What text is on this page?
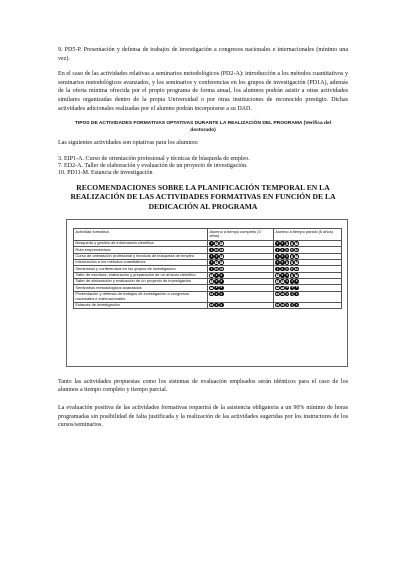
9. PD5-P. Presentación y defensa de trabajos de investigación a congresos nacionales e internacionales (mínimo una vez).

En el caso de las actividades relativas a seminarios metodológicos (PD2-A): introducción a los métodos cuantitativos y seminarios metodológicos avanzados, y los seminarios y conferencias en los grupos de investigación (PD1A), además de la oferta mínima ofrecida por el propio programa de forma anual, los alumnos podrán asistir a otras actividades similares organizadas dentro de la propia Universidad o por otras instituciones de reconocido prestigio. Dichas actividades adicionales realizadas por el alumno podrán incorporarse a su DAD.

TIPOS DE ACTIVIDADES FORMATIVAS OPTATIVAS DURANTE LA REALIZACIÓN DEL PROGRAMA (Verifica del doctorado)

Las siguientes actividades son optativas para los alumnos:

3. EIP1-A. Curso de orientación profesional y técnicas de búsqueda de empleo.
7. ED2-A. Taller de elaboración y evaluación de un proyecto de investigación.
10. PD11-M. Estancia de investigación
RECOMENDACIONES SOBRE LA PLANIFICACIÓN TEMPORAL EN LA REALIZACIÓN DE LAS ACTIVIDADES FORMATIVAS EN FUNCIÓN DE LA DEDICACIÓN AL PROGRAMA
Actividad formativa	Alumno a tiempo completo (3 años)	Alumno a tiempo parcial (5 años)
Búsqueda y gestión de información científica	1 2 3	1 2 3 4 5

Ruta emprendedora	1 2 3	1 2 3 4 5

Curso de orientación profesional y técnicas de búsqueda de empleo	1 2 3	1 2 3 4 5

Introducción a los métodos cuantitativos	1 2 3	1 2 3 4 5

Seminarios y conferencias en los grupos de investigación	1 2 3	1 2 3 4 5

Taller de escritura, elaboración y preparación de un artículo científico	1 2 3	1 2 3 4 5

Taller de elaboración y evaluación de un proyecto de investigación	1 2 3	1 2 3 4 5

Seminarios metodológicos avanzados	1 2 3	1 2 3 4 5

Presentación y defensa de trabajos de investigación a congresos nacionales e internacionales	1 2 3	1 2 3 4 5

Estancia de investigación	1 2 3	1 2 3 4 5

Tanto las actividades propuestas como los sistemas de evaluación empleados serán idénticos para el caso de los alumnos a tiempo completo y tiempo parcial.

La evaluación positiva de las actividades formativas requerirá de la asistencia obligatoria a un 90% mínimo de horas programadas sin posibilidad de falta justificada y la realización de las actividades sugeridas por los instructores de los cursos/seminarios.
